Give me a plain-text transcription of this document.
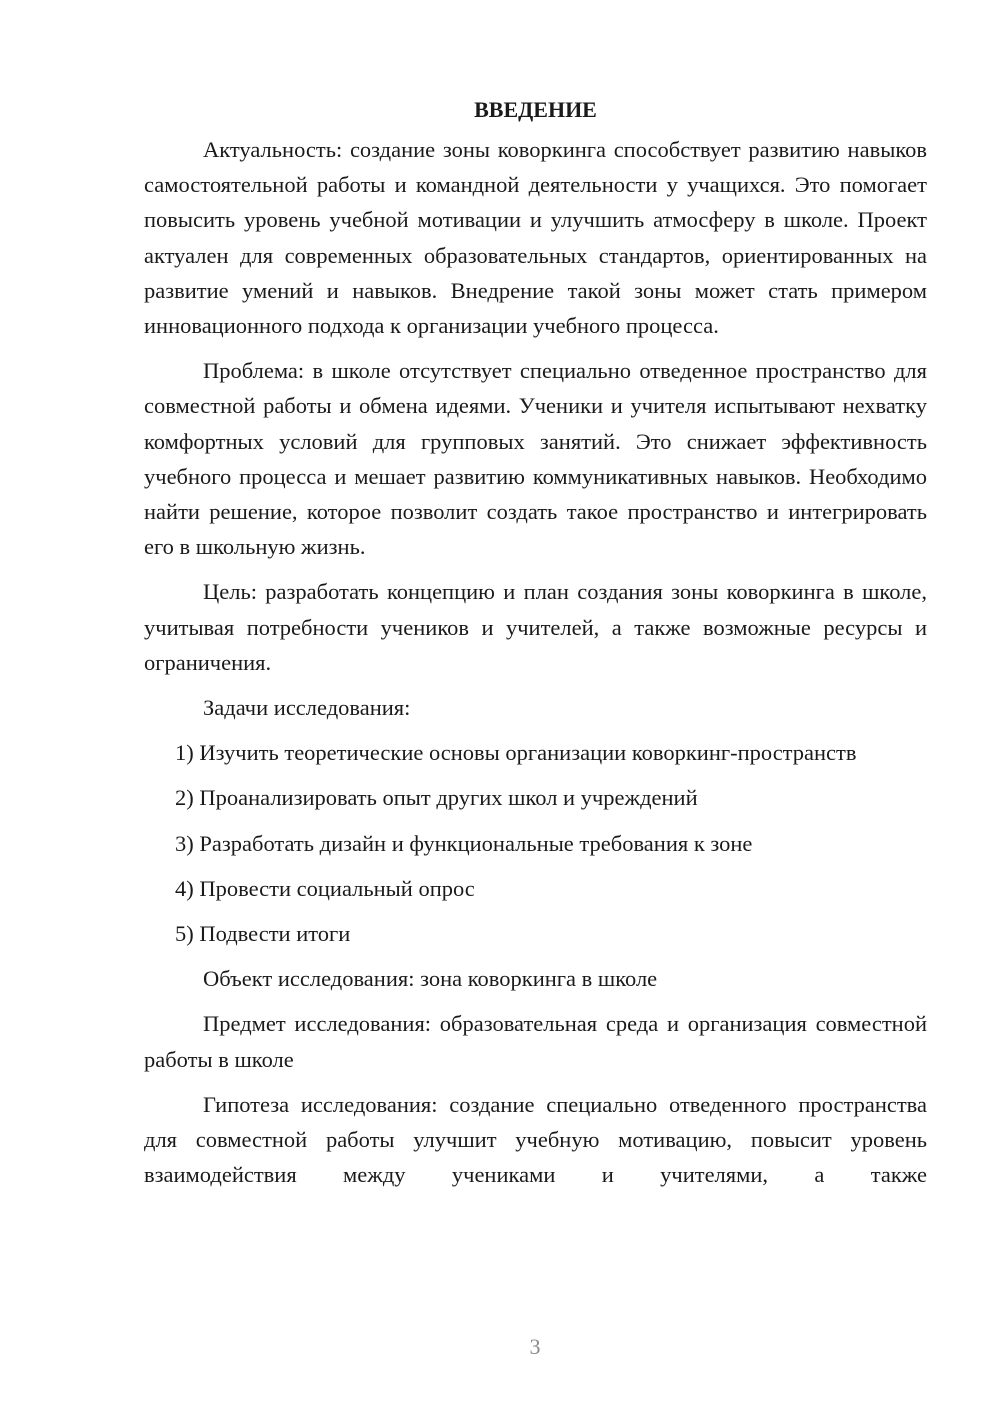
ВВЕДЕНИЕ

Актуальность: создание зоны коворкинга способствует развитию навыков самостоятельной работы и командной деятельности у учащихся. Это помогает повысить уровень учебной мотивации и улучшить атмосферу в школе. Проект актуален для современных образовательных стандартов, ориентированных на развитие умений и навыков. Внедрение такой зоны может стать примером инновационного подхода к организации учебного процесса.

Проблема: в школе отсутствует специально отведенное пространство для совместной работы и обмена идеями. Ученики и учителя испытывают нехватку комфортных условий для групповых занятий. Это снижает эффективность учебного процесса и мешает развитию коммуникативных навыков. Необходимо найти решение, которое позволит создать такое пространство и интегрировать его в школьную жизнь.

Цель: разработать концепцию и план создания зоны коворкинга в школе, учитывая потребности учеников и учителей, а также возможные ресурсы и ограничения.

Задачи исследования:

1) Изучить теоретические основы организации коворкинг-пространств
2) Проанализировать опыт других школ и учреждений
3) Разработать дизайн и функциональные требования к зоне
4) Провести социальный опрос
5) Подвести итоги

Объект исследования: зона коворкинга в школе

Предмет исследования: образовательная среда и организация совместной работы в школе

Гипотеза исследования: создание специально отведенного пространства для совместной работы улучшит учебную мотивацию, повысит уровень взаимодействия между учениками и учителями, а также

3
